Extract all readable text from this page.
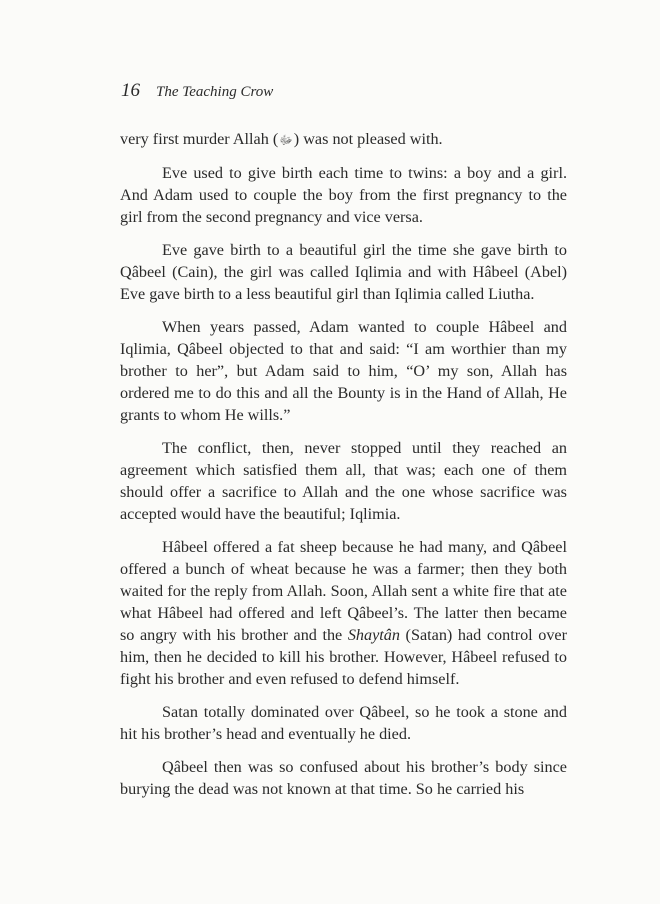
16 The Teaching Crow

very first murder Allah (ﷻ) was not pleased with.

Eve used to give birth each time to twins: a boy and a girl. And Adam used to couple the boy from the first pregnancy to the girl from the second pregnancy and vice versa.

Eve gave birth to a beautiful girl the time she gave birth to Qâbeel (Cain), the girl was called Iqlimia and with Hâbeel (Abel) Eve gave birth to a less beautiful girl than Iqlimia called Liutha.

When years passed, Adam wanted to couple Hâbeel and Iqlimia, Qâbeel objected to that and said: “I am worthier than my brother to her”, but Adam said to him, “O’ my son, Allah has ordered me to do this and all the Bounty is in the Hand of Allah, He grants to whom He wills.”

The conflict, then, never stopped until they reached an agreement which satisfied them all, that was; each one of them should offer a sacrifice to Allah and the one whose sacrifice was accepted would have the beautiful; Iqlimia.

Hâbeel offered a fat sheep because he had many, and Qâbeel offered a bunch of wheat because he was a farmer; then they both waited for the reply from Allah. Soon, Allah sent a white fire that ate what Hâbeel had offered and left Qâbeel’s. The latter then became so angry with his brother and the Shaytân (Satan) had control over him, then he decided to kill his brother. However, Hâbeel refused to fight his brother and even refused to defend himself.

Satan totally dominated over Qâbeel, so he took a stone and hit his brother’s head and eventually he died.

Qâbeel then was so confused about his brother’s body since burying the dead was not known at that time. So he carried his
